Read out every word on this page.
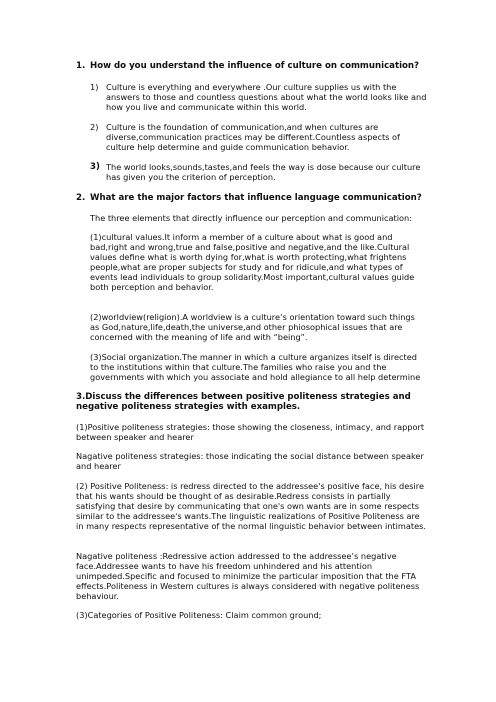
1. How do you understand the influence of culture on communication?
1) Culture is everything and everywhere .Our culture supplies us with the
answers to those and countless questions about what the world looks like and
how you live and communicate within this world.
2) Culture is the foundation of communication,and when cultures are
diverse,communication practices may be different.Countless aspects of
culture help determine and guide communication behavior.
3) The world looks,sounds,tastes,and feels the way is dose because our culture
has given you the criterion of perception.
2. What are the major factors that influence language communication?
The three elements that directly influence our perception and communication:
(1)cultural values.It inform a member of a culture about what is good and
bad,right and wrong,true and false,positive and negative,and the like.Cultural
values define what is worth dying for,what is worth protecting,what frightens
people,what are proper subjects for study and for ridicule,and what types of
events lead individuals to group solidarity.Most important,cultural values guide
both perception and behavior.
(2)worldview(religion).A worldview is a culture’s orientation toward such things
as God,nature,life,death,the universe,and other phiosophical issues that are
concerned with the meaning of life and with “being”.
(3)Social organization.The manner in which a culture arganizes itself is directed
to the institutions within that culture.The families who raise you and the
governments with which you associate and hold allegiance to all help determine
3.Discuss the differences between positive politeness strategies and
negative politeness strategies with examples.
(1)Positive politeness strategies: those showing the closeness, intimacy, and rapport
between speaker and hearer
Nagative politeness strategies: those indicating the social distance between speaker
and hearer
(2) Positive Politeness: is redress directed to the addressee's positive face, his desire
that his wants should be thought of as desirable.Redress consists in partially
satisfying that desire by communicating that one's own wants are in some respects
similar to the addressee's wants.The linguistic realizations of Positive Politeness are
in many respects representative of the normal linguistic behavior between intimates.
Nagative politeness :Redressive action addressed to the addressee’s negative
face.Addressee wants to have his freedom unhindered and his attention
unimpeded.Specific and focused to minimize the particular imposition that the FTA
effects.Politeness in Western cultures is always considered with negative politeness
behaviour.
(3)Categories of Positive Politeness: Claim common ground;
